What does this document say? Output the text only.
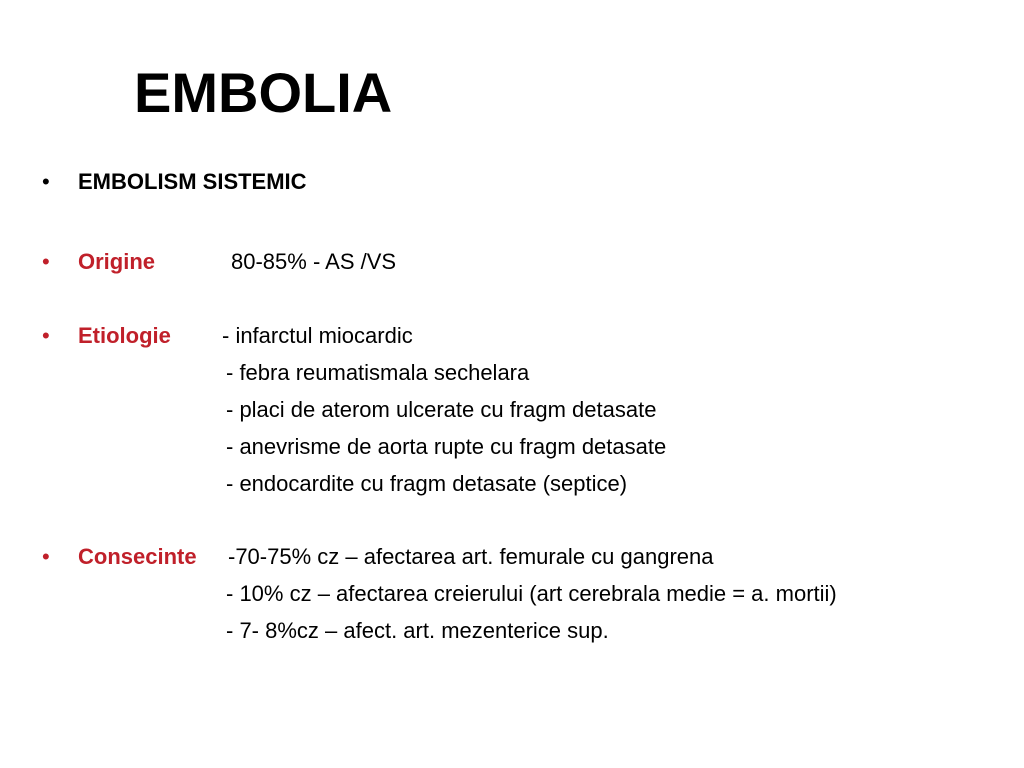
EMBOLIA
• EMBOLISM SISTEMIC
• Origine	80-85% - AS /VS
• Etiologie - infarctul miocardic
- febra reumatismala sechelara
- placi de aterom ulcerate cu fragm detasate
- anevrisme de aorta rupte cu fragm detasate
- endocardite cu fragm detasate (septice)
• Consecinte -70-75% cz – afectarea art. femurale cu gangrena
- 10% cz – afectarea creierului (art cerebrala medie = a. mortii)
- 7- 8%cz – afect. art. mezenterice sup.
